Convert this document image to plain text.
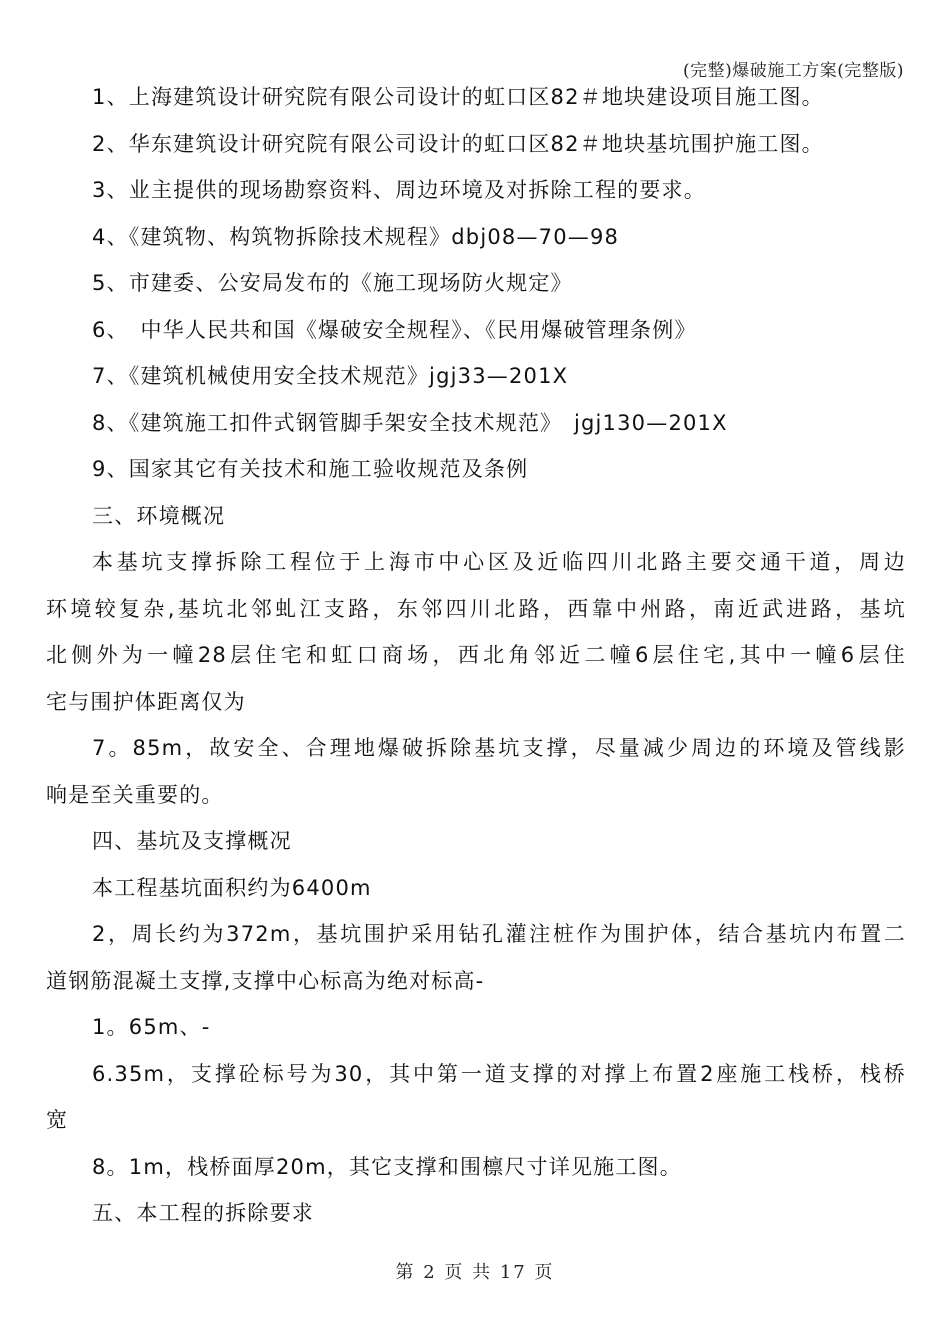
(完整)爆破施工方案(完整版)
1、上海建筑设计研究院有限公司设计的虹口区82＃地块建设项目施工图。
2、华东建筑设计研究院有限公司设计的虹口区82＃地块基坑围护施工图。
3、业主提供的现场勘察资料、周边环境及对拆除工程的要求。
4、《建筑物、构筑物拆除技术规程》dbj08—70—98
5、市建委、公安局发布的《施工现场防火规定》
6、　中华人民共和国《爆破安全规程》、《民用爆破管理条例》
7、《建筑机械使用安全技术规范》jgj33—201X
8、《建筑施工扣件式钢管脚手架安全技术规范》　jgj130—201X
9、国家其它有关技术和施工验收规范及条例
三、环境概况
本基坑支撑拆除工程位于上海市中心区及近临四川北路主要交通干道，周边
环境较复杂,基坑北邻虬江支路，东邻四川北路，西靠中州路，南近武进路，基坑
北侧外为一幢28层住宅和虹口商场，西北角邻近二幢6层住宅,其中一幢6层住
宅与围护体距离仅为
7。85m，故安全、合理地爆破拆除基坑支撑，尽量减少周边的环境及管线影
响是至关重要的。
四、基坑及支撑概况
本工程基坑面积约为6400m
2，周长约为372m，基坑围护采用钻孔灌注桩作为围护体，结合基坑内布置二
道钢筋混凝土支撑,支撑中心标高为绝对标高-
1。65m、-
6.35m，支撑砼标号为30，其中第一道支撑的对撑上布置2座施工栈桥，栈桥
宽
8。1m，栈桥面厚20m，其它支撑和围檩尺寸详见施工图。
五、本工程的拆除要求
第 2 页 共 17 页
